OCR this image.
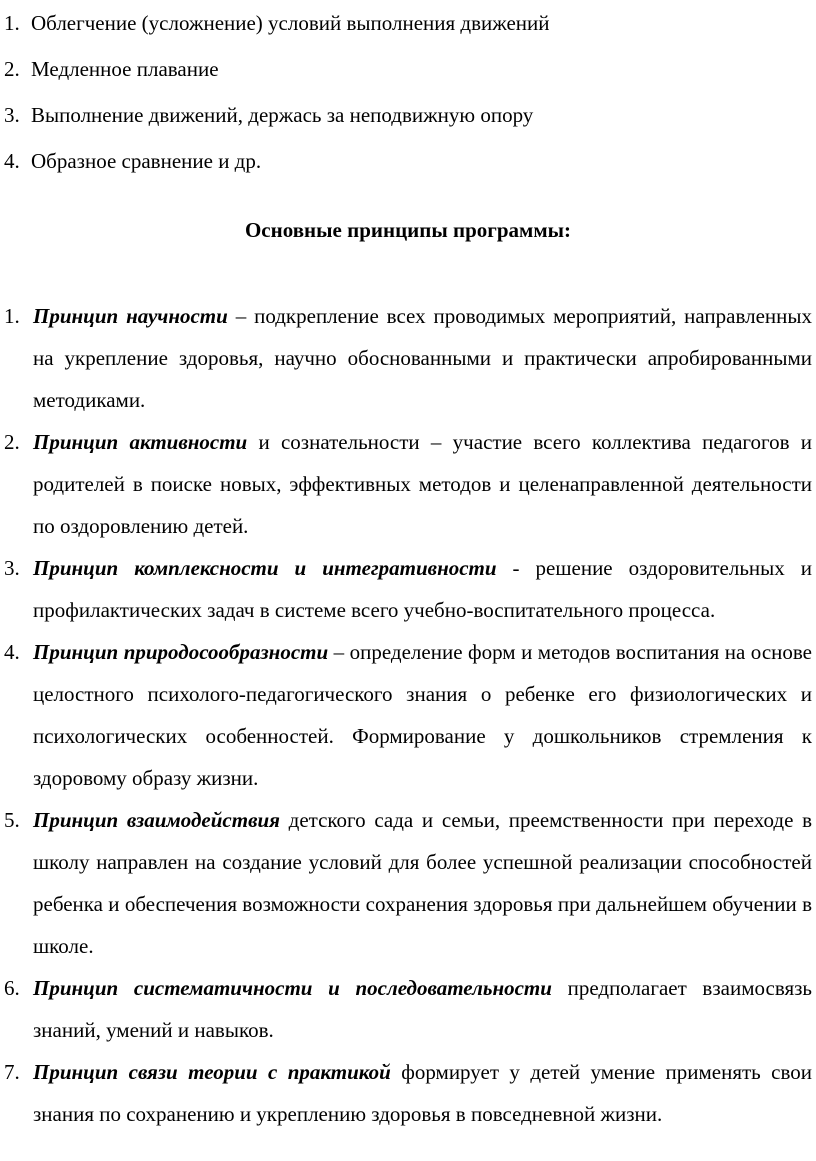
1. Облегчение (усложнение) условий выполнения движений
2. Медленное плавание
3. Выполнение движений, держась за неподвижную опору
4. Образное сравнение и др.
Основные принципы программы:
1. Принцип научности – подкрепление всех проводимых мероприятий, направленных на укрепление здоровья, научно обоснованными и практически апробированными методиками.
2. Принцип активности и сознательности – участие всего коллектива педагогов и родителей в поиске новых, эффективных методов и целенаправленной деятельности по оздоровлению детей.
3. Принцип комплексности и интегративности - решение оздоровительных и профилактических задач в системе всего учебно-воспитательного процесса.
4. Принцип природосообразности – определение форм и методов воспитания на основе целостного психолого-педагогического знания о ребенке его физиологических и психологических особенностей. Формирование у дошкольников стремления к здоровому образу жизни.
5. Принцип взаимодействия детского сада и семьи, преемственности при переходе в школу направлен на создание условий для более успешной реализации способностей ребенка и обеспечения возможности сохранения здоровья при дальнейшем обучении в школе.
6. Принцип систематичности и последовательности предполагает взаимосвязь знаний, умений и навыков.
7. Принцип связи теории с практикой формирует у детей умение применять свои знания по сохранению и укреплению здоровья в повседневной жизни.
